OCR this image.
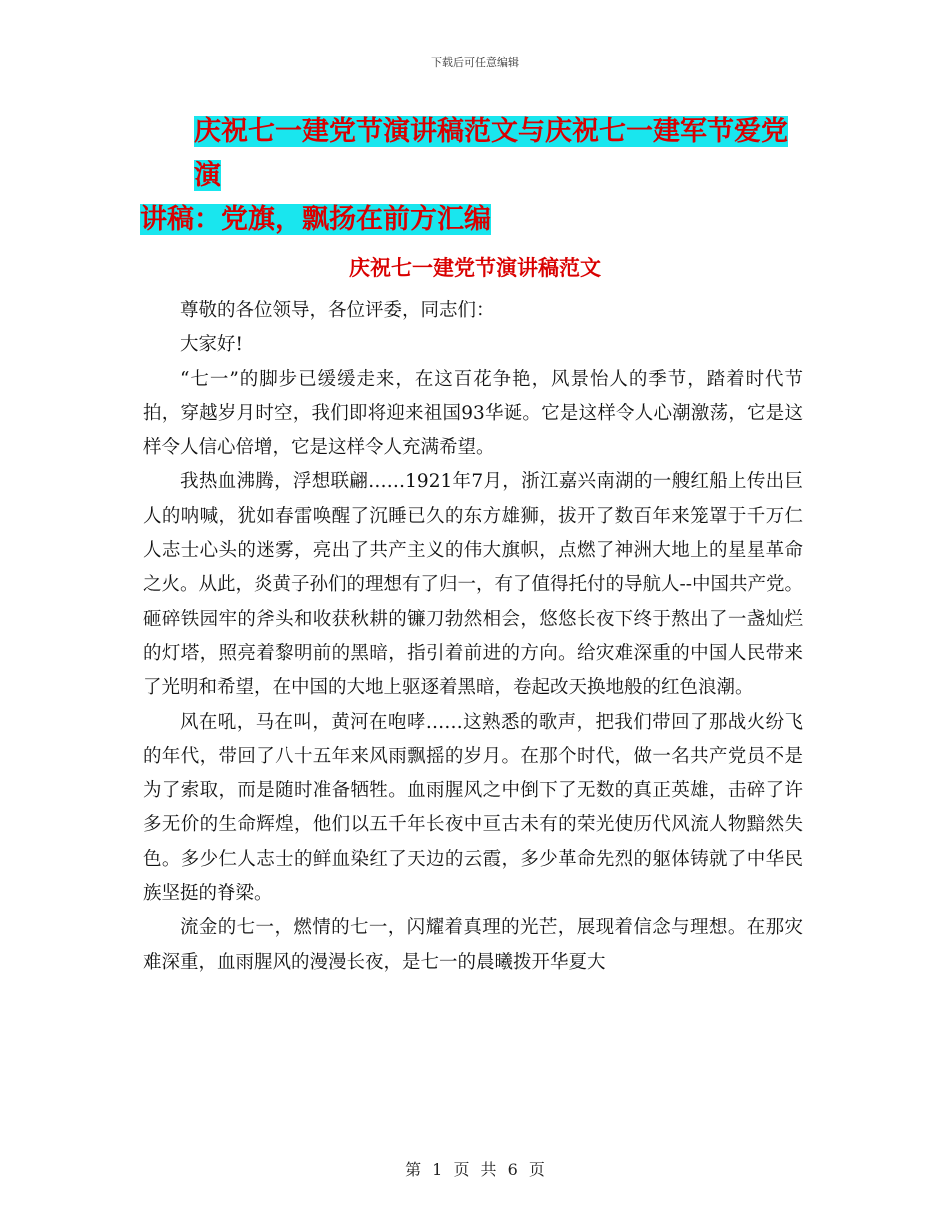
下载后可任意编辑
庆祝七一建党节演讲稿范文与庆祝七一建军节爱党演
讲稿：党旗，飘扬在前方汇编
庆祝七一建党节演讲稿范文

尊敬的各位领导，各位评委，同志们：

大家好!

“七一”的脚步已缓缓走来，在这百花争艳，风景怡人的季节，踏着时代节拍，穿越岁月时空，我们即将迎来祖国93华诞。它是这样令人心潮激荡，它是这样令人信心倍增，它是这样令人充满希望。

我热血沸腾，浮想联翩……1921年7月，浙江嘉兴南湖的一艘红船上传出巨人的呐喊，犹如春雷唤醒了沉睡已久的东方雄狮，拔开了数百年来笼罩于千万仁人志士心头的迷雾，亮出了共产主义的伟大旗帜，点燃了神洲大地上的星星革命之火。从此，炎黄子孙们的理想有了归一，有了值得托付的导航人--中国共产党。砸碎铁园牢的斧头和收获秋耕的镰刀勃然相会，悠悠长夜下终于熬出了一盏灿烂的灯塔，照亮着黎明前的黑暗，指引着前进的方向。给灾难深重的中国人民带来了光明和希望，在中国的大地上驱逐着黑暗，卷起改天换地般的红色浪潮。

风在吼，马在叫，黄河在咆哮……这熟悉的歌声，把我们带回了那战火纷飞的年代，带回了八十五年来风雨飘摇的岁月。在那个时代，做一名共产党员不是为了索取，而是随时准备牺牲。血雨腥风之中倒下了无数的真正英雄，击碎了许多无价的生命辉煌，他们以五千年长夜中亘古未有的荣光使历代风流人物黯然失色。多少仁人志士的鲜血染红了天边的云霞，多少革命先烈的躯体铸就了中华民族坚挺的脊梁。

流金的七一，燃情的七一，闪耀着真理的光芒，展现着信念与理想。在那灾难深重，血雨腥风的漫漫长夜，是七一的晨曦拨开华夏大

第 1 页 共 6 页
